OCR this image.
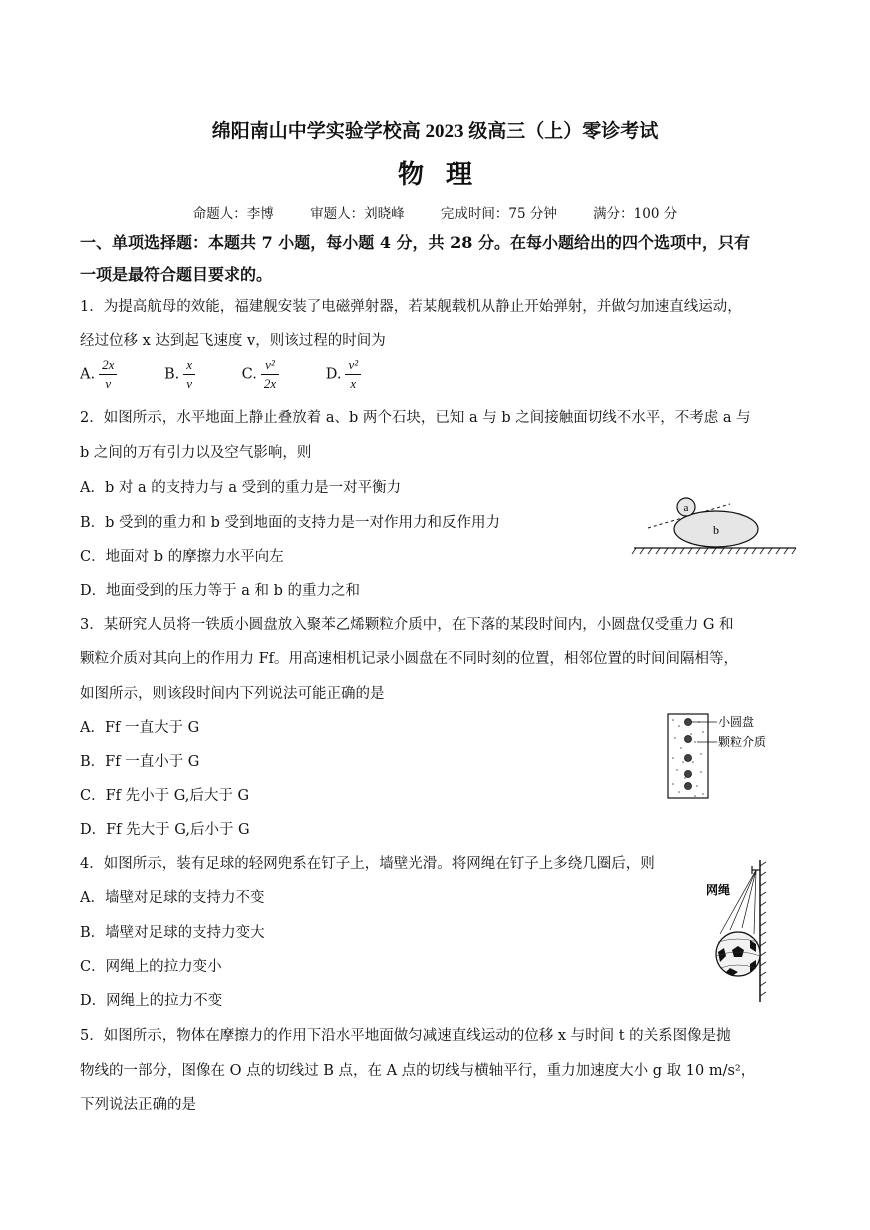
绵阳南山中学实验学校高 2023 级高三（上）零诊考试
物理
命题人：李博	审题人：刘晓峰	完成时间：75 分钟	满分：100 分
一、单项选择题：本题共 7 小题，每小题 4 分，共 28 分。在每小题给出的四个选项中，只有
一项是最符合题目要求的。
1．为提高航母的效能，福建舰安装了电磁弹射器，若某舰载机从静止开始弹射，并做匀加速直线运动，
经过位移 x 达到起飞速度 v，则该过程的时间为
A. $\frac{2x}{v}$	B. $\frac{x}{v}$	C. $\frac{\text{v²}}{2x}$	D. $\frac{\text{v²}}{x}$
2．如图所示，水平地面上静止叠放着 a、b 两个石块，已知 a 与 b 之间接触面切线不水平，不考虑 a 与
b 之间的万有引力以及空气影响，则
A．b 对 a 的支持力与 a 受到的重力是一对平衡力
B．b 受到的重力和 b 受到地面的支持力是一对作用力和反作用力
C．地面对 b 的摩擦力水平向左
D．地面受到的压力等于 a 和 b 的重力之和
a
b
3．某研究人员将一铁质小圆盘放入聚苯乙烯颗粒介质中，在下落的某段时间内，小圆盘仅受重力 G 和
颗粒介质对其向上的作用力 Ff。用高速相机记录小圆盘在不同时刻的位置，相邻位置的时间间隔相等，
如图所示，则该段时间内下列说法可能正确的是
A．Ff 一直大于 G
B．Ff 一直小于 G
C．Ff 先小于 G,后大于 G
D．Ff 先大于 G,后小于 G
小圆盘
颗粒介质
4．如图所示，装有足球的轻网兜系在钉子上，墙壁光滑。将网绳在钉子上多绕几圈后，则
A．墙壁对足球的支持力不变
B．墙壁对足球的支持力变大
C．网绳上的拉力变小
D．网绳上的拉力不变
网绳
5．如图所示，物体在摩擦力的作用下沿水平地面做匀减速直线运动的位移 x 与时间 t 的关系图像是抛
物线的一部分，图像在 O 点的切线过 B 点，在 A 点的切线与横轴平行，重力加速度大小 g 取 10 m/s²，
下列说法正确的是
